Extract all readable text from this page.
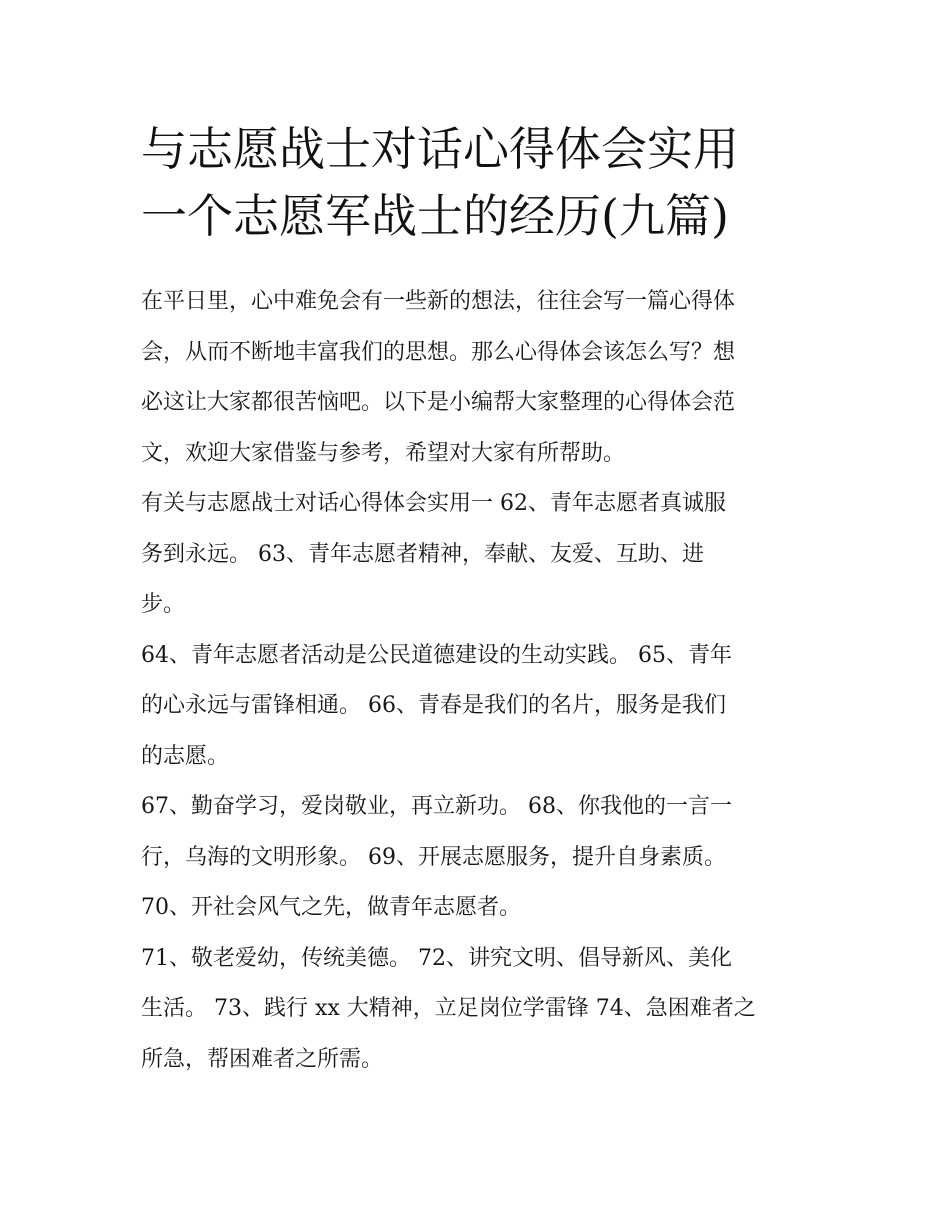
与志愿战士对话心得体会实用
一个志愿军战士的经历(九篇)

在平日里，心中难免会有一些新的想法，往往会写一篇心得体
会，从而不断地丰富我们的思想。那么心得体会该怎么写？想
必这让大家都很苦恼吧。以下是小编帮大家整理的心得体会范
文，欢迎大家借鉴与参考，希望对大家有所帮助。

有关与志愿战士对话心得体会实用一 62、青年志愿者真诚服
务到永远。 63、青年志愿者精神，奉献、友爱、互助、进
步。

64、青年志愿者活动是公民道德建设的生动实践。 65、青年
的心永远与雷锋相通。 66、青春是我们的名片，服务是我们
的志愿。

67、勤奋学习，爱岗敬业，再立新功。 68、你我他的一言一
行，乌海的文明形象。 69、开展志愿服务，提升自身素质。
70、开社会风气之先，做青年志愿者。

71、敬老爱幼，传统美德。 72、讲究文明、倡导新风、美化
生活。 73、践行 xx 大精神，立足岗位学雷锋 74、急困难者之
所急，帮困难者之所需。
